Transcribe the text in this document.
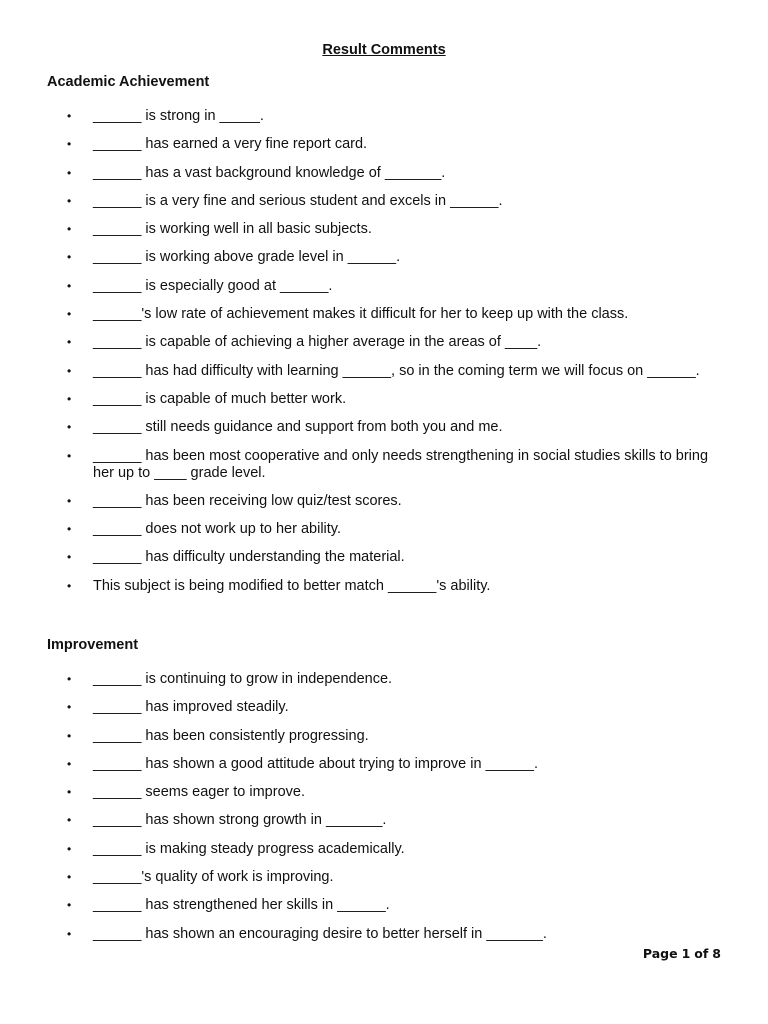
Result Comments
Academic Achievement
• ______ is strong in _____.
• ______ has earned a very fine report card.
• ______ has a vast background knowledge of _______.
• ______ is a very fine and serious student and excels in ______.
• ______ is working well in all basic subjects.
• ______ is working above grade level in ______.
• ______ is especially good at ______.
• ______'s low rate of achievement makes it difficult for her to keep up with the class.
• ______ is capable of achieving a higher average in the areas of ____.
• ______ has had difficulty with learning ______, so in the coming term we will focus on ______.
• ______ is capable of much better work.
• ______ still needs guidance and support from both you and me.
• ______ has been most cooperative and only needs strengthening in social studies skills to bring her up to ____ grade level.
• ______ has been receiving low quiz/test scores.
• ______ does not work up to her ability.
• ______ has difficulty understanding the material.
• This subject is being modified to better match ______'s ability.
Improvement
• ______ is continuing to grow in independence.
• ______ has improved steadily.
• ______ has been consistently progressing.
• ______ has shown a good attitude about trying to improve in ______.
• ______ seems eager to improve.
• ______ has shown strong growth in _______.
• ______ is making steady progress academically.
• ______'s quality of work is improving.
• ______ has strengthened her skills in ______.
• ______ has shown an encouraging desire to better herself in _______.
Page 1 of 8
